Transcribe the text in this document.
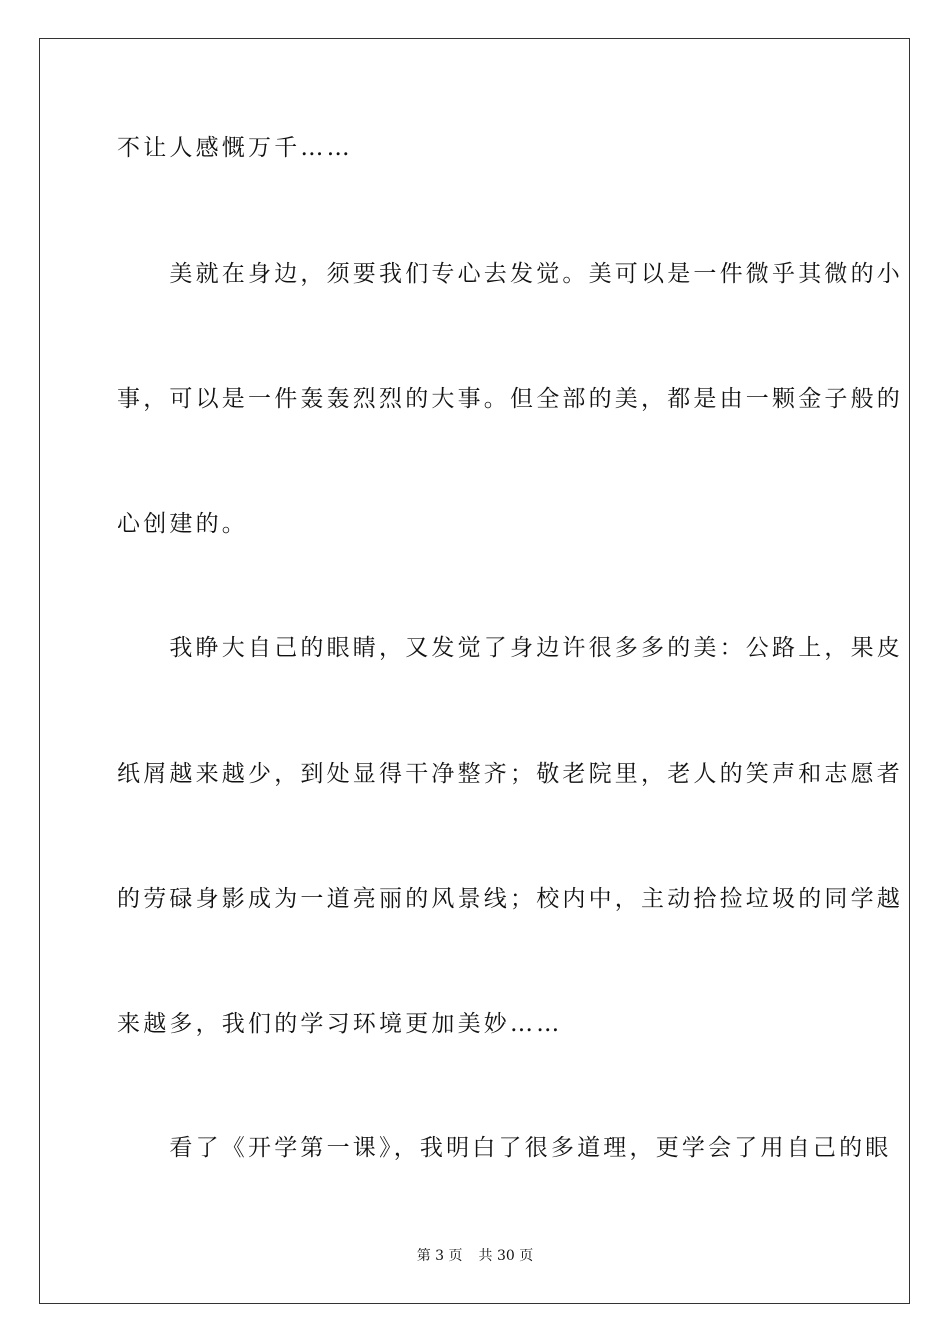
不让人感慨万千……
　　美就在身边，须要我们专心去发觉。美可以是一件微乎其微的小
事，可以是一件轰轰烈烈的大事。但全部的美，都是由一颗金子般的
心创建的。
　　我睁大自己的眼睛，又发觉了身边许很多多的美：公路上，果皮
纸屑越来越少，到处显得干净整齐；敬老院里，老人的笑声和志愿者
的劳碌身影成为一道亮丽的风景线；校内中，主动拾捡垃圾的同学越
来越多，我们的学习环境更加美妙……
　　看了《开学第一课》，我明白了很多道理，更学会了用自己的眼
第 3 页 共 30 页
